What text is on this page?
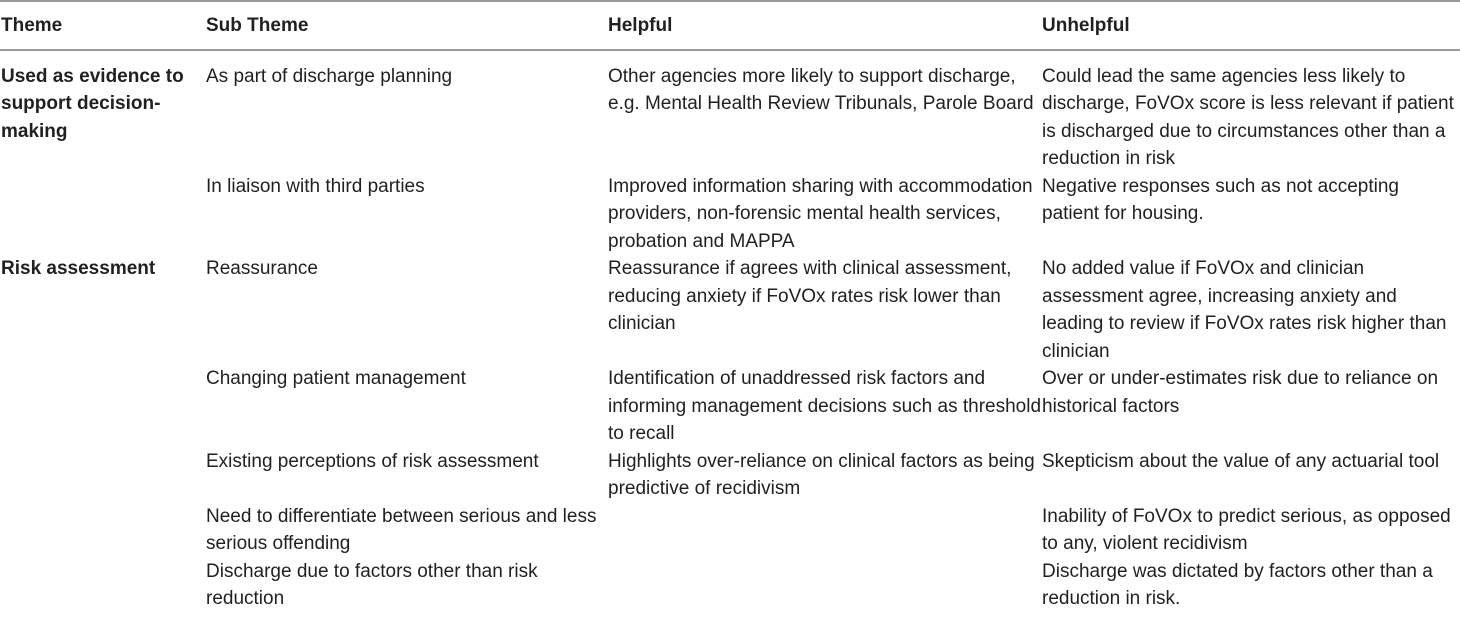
Theme	Sub Theme	Helpful	Unhelpful
Used as evidence to support decision-making	As part of discharge planning	Other agencies more likely to support discharge, e.g. Mental Health Review Tribunals, Parole Board	Could lead the same agencies less likely to discharge, FoVOx score is less relevant if patient is discharged due to circumstances other than a reduction in risk
	In liaison with third parties	Improved information sharing with accommodation providers, non-forensic mental health services, probation and MAPPA	Negative responses such as not accepting patient for housing.
Risk assessment	Reassurance	Reassurance if agrees with clinical assessment, reducing anxiety if FoVOx rates risk lower than clinician	No added value if FoVOx and clinician assessment agree, increasing anxiety and leading to review if FoVOx rates risk higher than clinician
	Changing patient management	Identification of unaddressed risk factors and informing management decisions such as threshold to recall	Over or under-estimates risk due to reliance on historical factors
	Existing perceptions of risk assessment	Highlights over-reliance on clinical factors as being predictive of recidivism	Skepticism about the value of any actuarial tool
	Need to differentiate between serious and less serious offending		Inability of FoVOx to predict serious, as opposed to any, violent recidivism
	Discharge due to factors other than risk reduction		Discharge was dictated by factors other than a reduction in risk.
